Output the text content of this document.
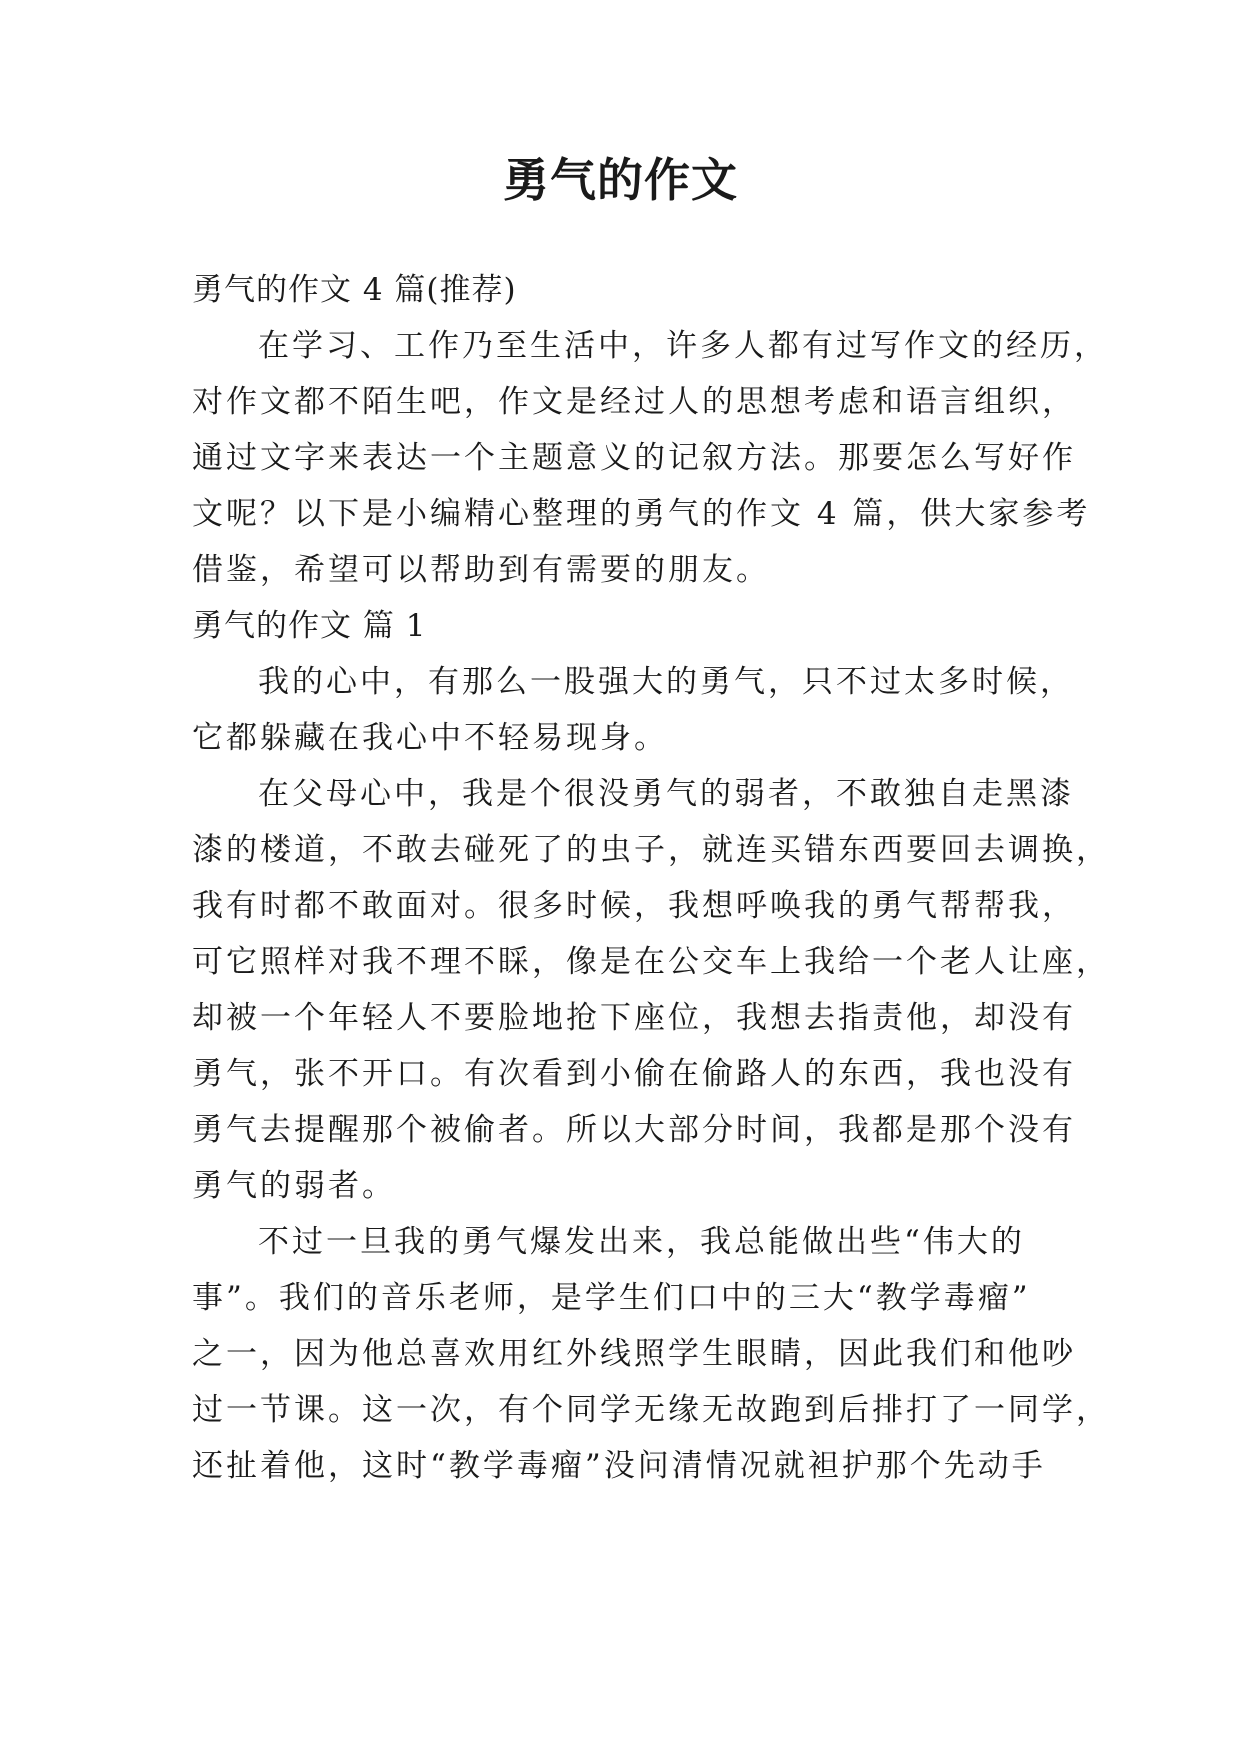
勇气的作文
勇气的作文 4 篇(推荐)
在学习、工作乃至生活中，许多人都有过写作文的经历，
对作文都不陌生吧，作文是经过人的思想考虑和语言组织，
通过文字来表达一个主题意义的记叙方法。那要怎么写好作
文呢？以下是小编精心整理的勇气的作文 4 篇，供大家参考
借鉴，希望可以帮助到有需要的朋友。
勇气的作文 篇 1
我的心中，有那么一股强大的勇气，只不过太多时候，
它都躲藏在我心中不轻易现身。
在父母心中，我是个很没勇气的弱者，不敢独自走黑漆
漆的楼道，不敢去碰死了的虫子，就连买错东西要回去调换，
我有时都不敢面对。很多时候，我想呼唤我的勇气帮帮我，
可它照样对我不理不睬，像是在公交车上我给一个老人让座，
却被一个年轻人不要脸地抢下座位，我想去指责他，却没有
勇气，张不开口。有次看到小偷在偷路人的东西，我也没有
勇气去提醒那个被偷者。所以大部分时间，我都是那个没有
勇气的弱者。
不过一旦我的勇气爆发出来，我总能做出些“伟大的
事”。我们的音乐老师，是学生们口中的三大“教学毒瘤”
之一，因为他总喜欢用红外线照学生眼睛，因此我们和他吵
过一节课。这一次，有个同学无缘无故跑到后排打了一同学，
还扯着他，这时“教学毒瘤”没问清情况就袒护那个先动手
